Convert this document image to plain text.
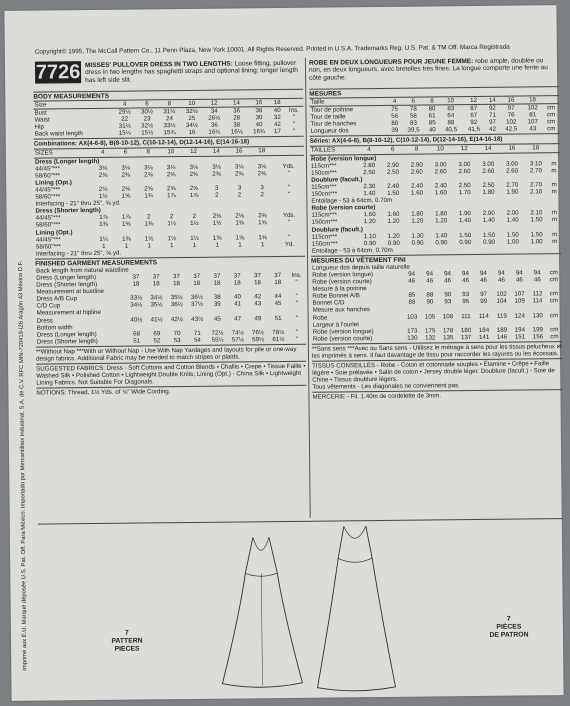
Copyright© 1995, The McCall Pattern Co., 11 Penn Plaza, New York 10001. All Rights Reserved. Printed in U.S.A. Trademarks Reg. U.S. Pat. & TM Off. Marca Registrada
Imprimé aux É.U. Marque déposée U.S. Pat. Off. Para México: Importado por Mercantilitex Industrial, S.A. de C.V. RFC MIN-720419-IZ6 Aragón 43 México D.F.
7726 MISSES' PULLOVER DRESS IN TWO LENGTHS: Loose fitting, pullover dress in two lengths has spaghetti straps and optional lining; longer length has left side slit.
ROBE EN DEUX LONGUEURS POUR JEUNE FEMME: robe ample, doublée ou non, en deux longueurs, avec bretelles très fines. La longue comporte une fente au côté gauche.
BODY MEASUREMENTS
Size	4	6	8	10	12	14	16	18	
Bust	29½	30½	31½	32½	34	36	38	40	Ins.
Waist	22	23	24	25	26½	28	30	32	"
Hip	31½	32½	33½	34½	36	38	40	42	"
Back waist length	15¼	15½	15¾	16	16¼	16½	16¾	17	"
Combinations: AX(4-6-8), B(8-10-12), C(10-12-14), D(12-14-16), E(14-16-18)
SIZES	4	6	8	10	12	14	16	18	
Dress (Longer length)									
44/45"***	3⅛	3⅛	3⅛	3⅛	3⅛	3⅛	3⅛	3⅛	Yds.
58/60"***	2⅜	2⅜	2⅜	2⅜	2⅜	2⅜	2⅜	2⅜	"
Lining (Opt.)									
44/45"***	2½	2⅝	2⅝	2⅝	2⅝	3	3	3	"
58/60"***	1½	1⅝	1¾	1⅞	1⅞	2	2	2	"
Interfacing - 21" thru 25", ⅝ yd.									
Dress (Shorter length)									
44/45"***	1⅞	1⅞	2	2	2	2⅛	2⅛	2⅜	Yds.
58/60"***	1⅜	1⅜	1⅜	1½	1½	1½	1⅝	1⅝	"
Lining (Opt.)									
44/45"***	1¼	1⅜	1½	1½	1½	1⅝	1⅝	1⅝	"
58/60"***	1	1	1	1	1	1	1	1	Yd.
Interfacing - 21" thru 25", ⅝ yd.									
FINISHED GARMENT MEASUREMENTS
Back length from natural waistline									
Dress (Longer length)	37	37	37	37	37	37	37	37	Ins.
Dress (Shorter length)	18	18	18	18	18	18	18	18	"
Measurement at bustline									
Dress A/B Cup	33½	34½	35½	36½	38	40	42	44	"
C/D Cup	34½	35½	36½	37½	39	41	43	45	"
Measurement at hipline									
Dress	40½	41½	42½	43½	45	47	49	51	"
Bottom width									
Dress (Longer length)	68	69	70	71	72½	74½	76½	78½	"
Dress (Shorter length)	51	52	53	54	55½	57½	59½	61½	"
**Without Nap ***With or Without Nap - Use With Nap Yardages and layouts for pile or one-way design fabrics. Additional Fabric may be needed to match stripes or plaids.
SUGGESTED FABRICS: Dress - Soft Cottons and Cotton Blends • Challis • Crepe • Tissue Faille • Washed Silk • Polished Cotton • Lightweight Double Knits; Lining (Opt.) - China Silk • Lightweight Lining Fabrics. Not Suitable For Diagonals.
NOTIONS: Thread, 1½ Yds. of ⅛" Wide Cording.
MESURES
Taille	4	6	8	10	12	14	16	18	
Tour de poitrine	75	78	80	83	87	92	97	102	cm
Tour de taille	56	58	61	64	67	71	76	81	cm
Tour de hanches	80	83	85	88	92	97	102	107	cm
Longueur dos	39	39,5	40	40,5	41,5	42	42,5	43	cm
Séries: AX(4-6-8), B(8-10-12), C(10-12-14), D(12-14-16), E(14-16-18)
TAILLES	4	6	8	10	12	14	16	18	
Robe (version longue)									
115cm***	2.80	2.90	2.90	3.00	3.00	3.00	3.00	3.10	m
150cm***	2.50	2.50	2.60	2.60	2.60	2.60	2.60	2.70	m
Doublure (facult.)									
115cm***	2.30	2.40	2.40	2.40	2.50	2.50	2.70	2.70	m
150cm***	1.40	1.50	1.60	1.60	1.70	1.80	1.90	2.10	m
Entoilage - 53 à 64cm, 0.70m									
Robe (version courte)									
115cm***	1.60	1.60	1.80	1.80	1.90	2.00	2.00	2.10	m
150cm***	1.20	1.20	1.20	1.20	1.40	1.40	1.40	1.50	m
Doublure (facult.)									
115cm***	1.10	1.20	1.30	1.40	1.50	1.50	1.50	1.50	m
150cm***	0.90	0.90	0.90	0.90	0.90	0.90	1.00	1.00	m
Entoilage - 53 à 64cm, 0.70m									
MESURES DU VÊTEMENT FINI
Longueur dos depuis taille naturelle									
Robe (version longue)	94	94	94	94	94	94	94	94	cm
Robe (version courte)	46	46	46	46	46	46	46	46	cm
Mesure à la poitrine									
Robe Bonnet A/B	85	88	90	93	97	102	107	112	cm
Bonnet C/D	88	90	93	95	99	104	109	114	cm
Mesure aux hanches									
Robe	103	105	108	111	114	119	124	130	cm
Largeur à l'ourlet									
Robe (version longue)	173	175	178	180	184	189	194	199	cm
Robe (version courte)	130	132	135	137	141	146	151	156	cm
**Sans sens ***Avec ou Sans sens - Utilisez le métrage à sens pour les tissus pelucheux et les imprimés à sens. Il faut davantage de tissu pour raccorder les rayures ou les écossais.
TISSUS CONSEILLÉS - Robe - Coton et cotonnade souples • Étamine • Crêpe • Faille légère • Soie prélavée • Satin de coton • Jersey double léger. Doublure (facult.) - Soie de Chine • Tissus doublure légers.
Tous vêtements - Les diagonales ne conviennent pas.
MERCERIE - Fil, 1.40m de cordelette de 3mm.
7
PATTERN
PIECES
7
PIÈCES
DE PATRON
